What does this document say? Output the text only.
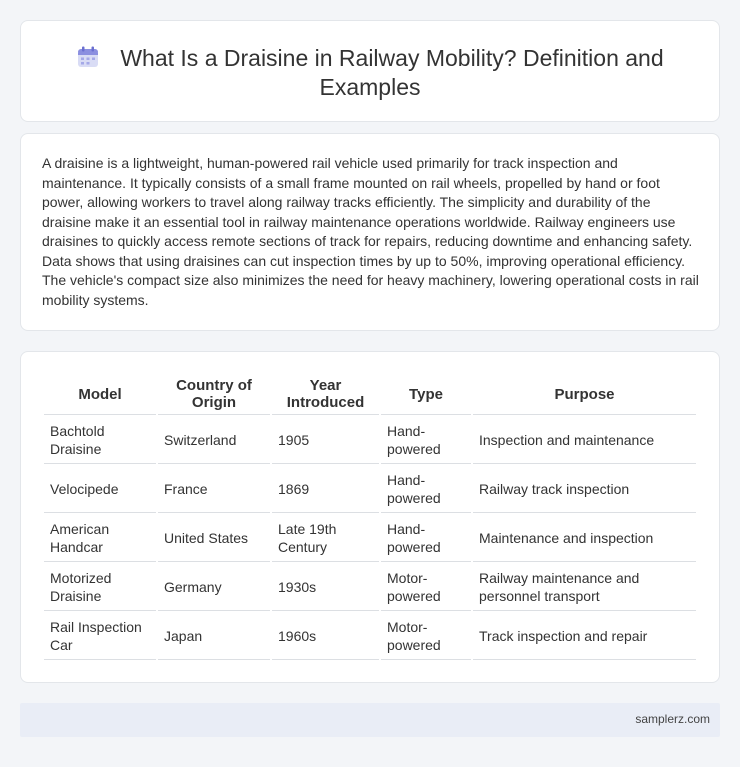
What Is a Draisine in Railway Mobility? Definition and Examples

A draisine is a lightweight, human-powered rail vehicle used primarily for track inspection and maintenance. It typically consists of a small frame mounted on rail wheels, propelled by hand or foot power, allowing workers to travel along railway tracks efficiently. The simplicity and durability of the draisine make it an essential tool in railway maintenance operations worldwide. Railway engineers use draisines to quickly access remote sections of track for repairs, reducing downtime and enhancing safety. Data shows that using draisines can cut inspection times by up to 50%, improving operational efficiency. The vehicle's compact size also minimizes the need for heavy machinery, lowering operational costs in rail mobility systems.

Model	Country of Origin	Year Introduced	Type	Purpose
Bachtold Draisine	Switzerland	1905	Hand-powered	Inspection and maintenance
Velocipede	France	1869	Hand-powered	Railway track inspection
American Handcar	United States	Late 19th Century	Hand-powered	Maintenance and inspection
Motorized Draisine	Germany	1930s	Motor-powered	Railway maintenance and personnel transport
Rail Inspection Car	Japan	1960s	Motor-powered	Track inspection and repair
samplerz.com
